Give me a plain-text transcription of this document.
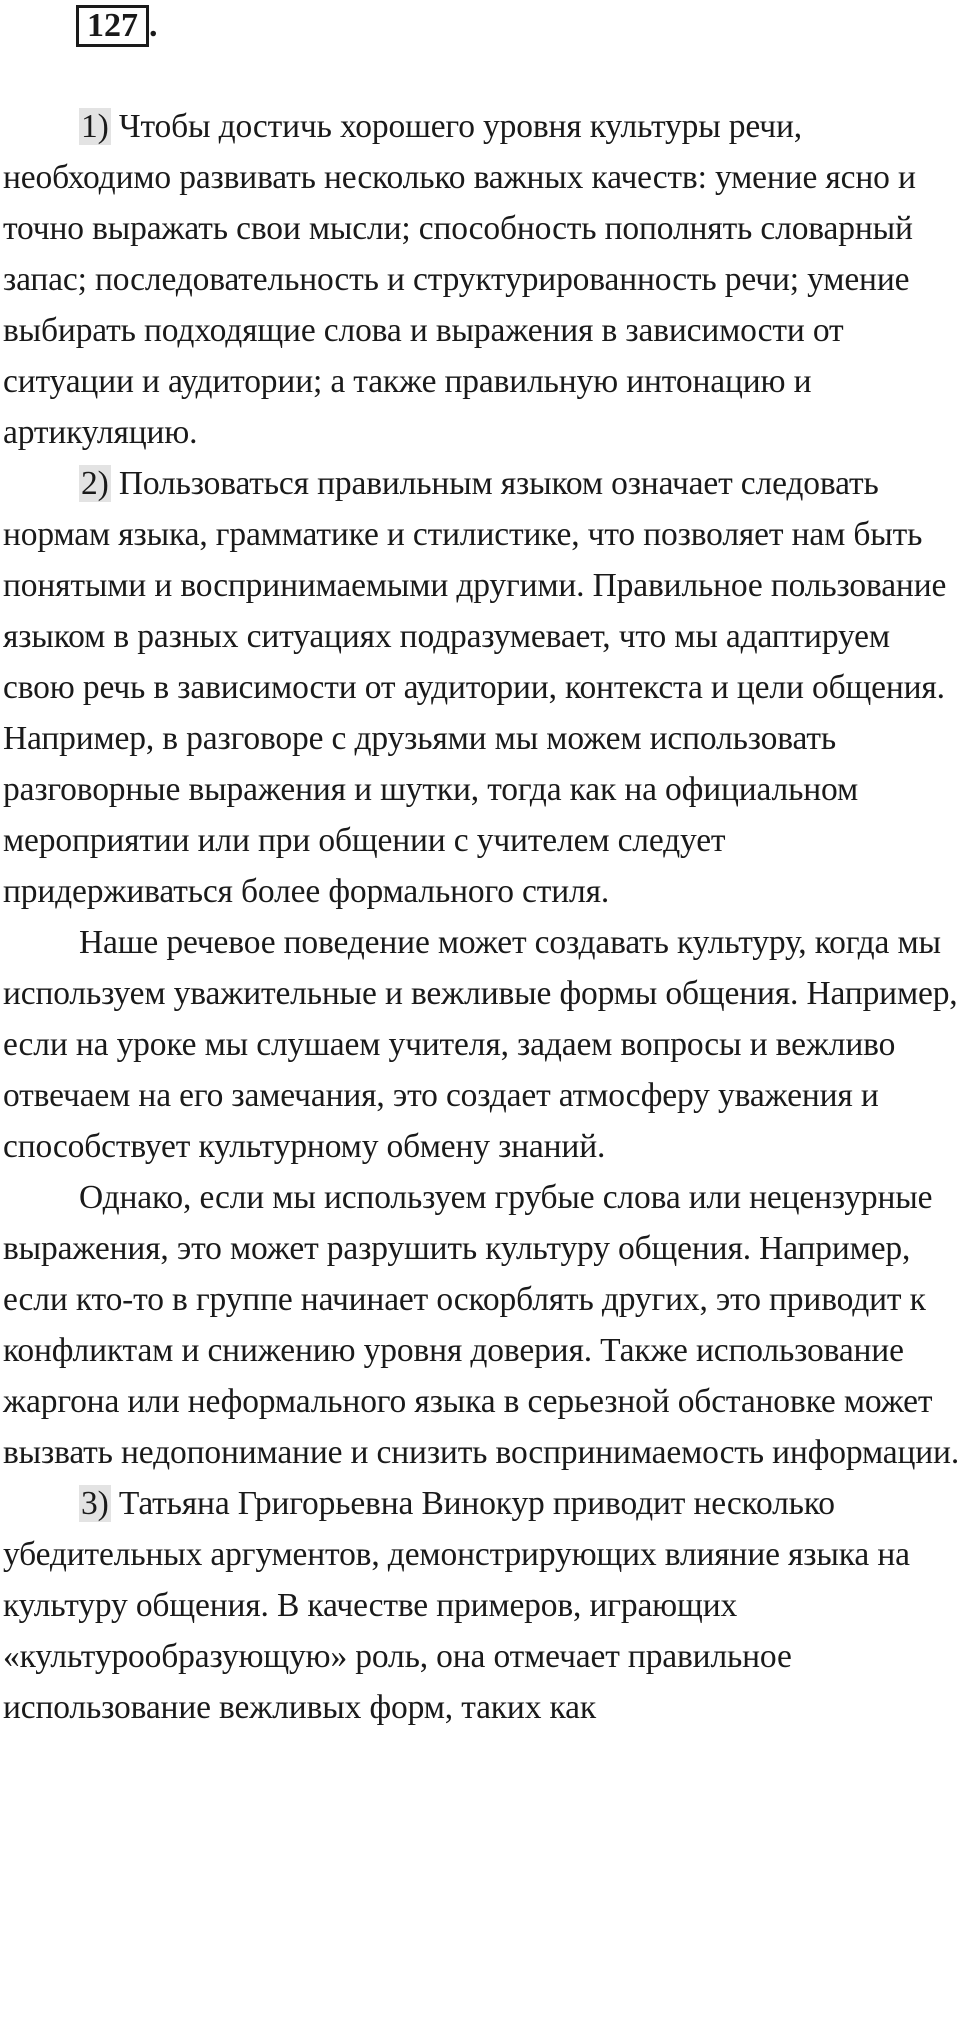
127 .

1) Чтобы достичь хорошего уровня культуры речи, необходимо развивать несколько важных качеств: умение ясно и точно выражать свои мысли; способность пополнять словарный запас; последовательность и структурированность речи; умение выбирать подходящие слова и выражения в зависимости от ситуации и аудитории; а также правильную интонацию и артикуляцию.

2) Пользоваться правильным языком означает следовать нормам языка, грамматике и стилистике, что позволяет нам быть понятыми и воспринимаемыми другими. Правильное пользование языком в разных ситуациях подразумевает, что мы адаптируем свою речь в зависимости от аудитории, контекста и цели общения. Например, в разговоре с друзьями мы можем использовать разговорные выражения и шутки, тогда как на официальном мероприятии или при общении с учителем следует придерживаться более формального стиля.

Наше речевое поведение может создавать культуру, когда мы используем уважительные и вежливые формы общения. Например, если на уроке мы слушаем учителя, задаем вопросы и вежливо отвечаем на его замечания, это создает атмосферу уважения и способствует культурному обмену знаний.

Однако, если мы используем грубые слова или нецензурные выражения, это может разрушить культуру общения. Например, если кто-то в группе начинает оскорблять других, это приводит к конфликтам и снижению уровня доверия. Также использование жаргона или неформального языка в серьезной обстановке может вызвать недопонимание и снизить воспринимаемость информации.

3) Татьяна Григорьевна Винокур приводит несколько убедительных аргументов, демонстрирующих влияние языка на культуру общения. В качестве примеров, играющих «культурообразующую» роль, она отмечает правильное использование вежливых форм, таких как
